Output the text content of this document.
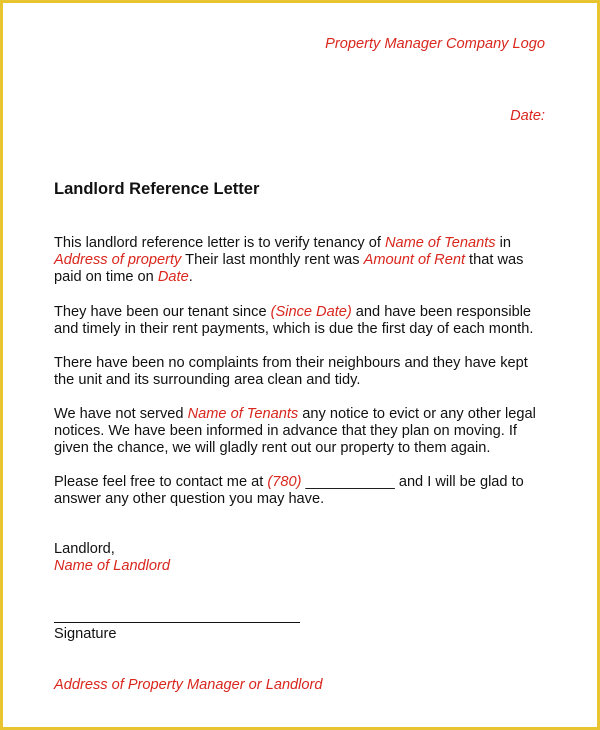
Property Manager Company Logo
Date:
Landlord Reference Letter

This landlord reference letter is to verify tenancy of Name of Tenants in
Address of property Their last monthly rent was Amount of Rent that was
paid on time on Date.

They have been our tenant since (Since Date) and have been responsible
and timely in their rent payments, which is due the first day of each month.

There have been no complaints from their neighbours and they have kept
the unit and its surrounding area clean and tidy.

We have not served Name of Tenants any notice to evict or any other legal
notices. We have been informed in advance that they plan on moving. If
given the chance, we will gladly rent out our property to them again.

Please feel free to contact me at (780) ___________ and I will be glad to
answer any other question you may have.

Landlord,
Name of Landlord
Signature
Address of Property Manager or Landlord
